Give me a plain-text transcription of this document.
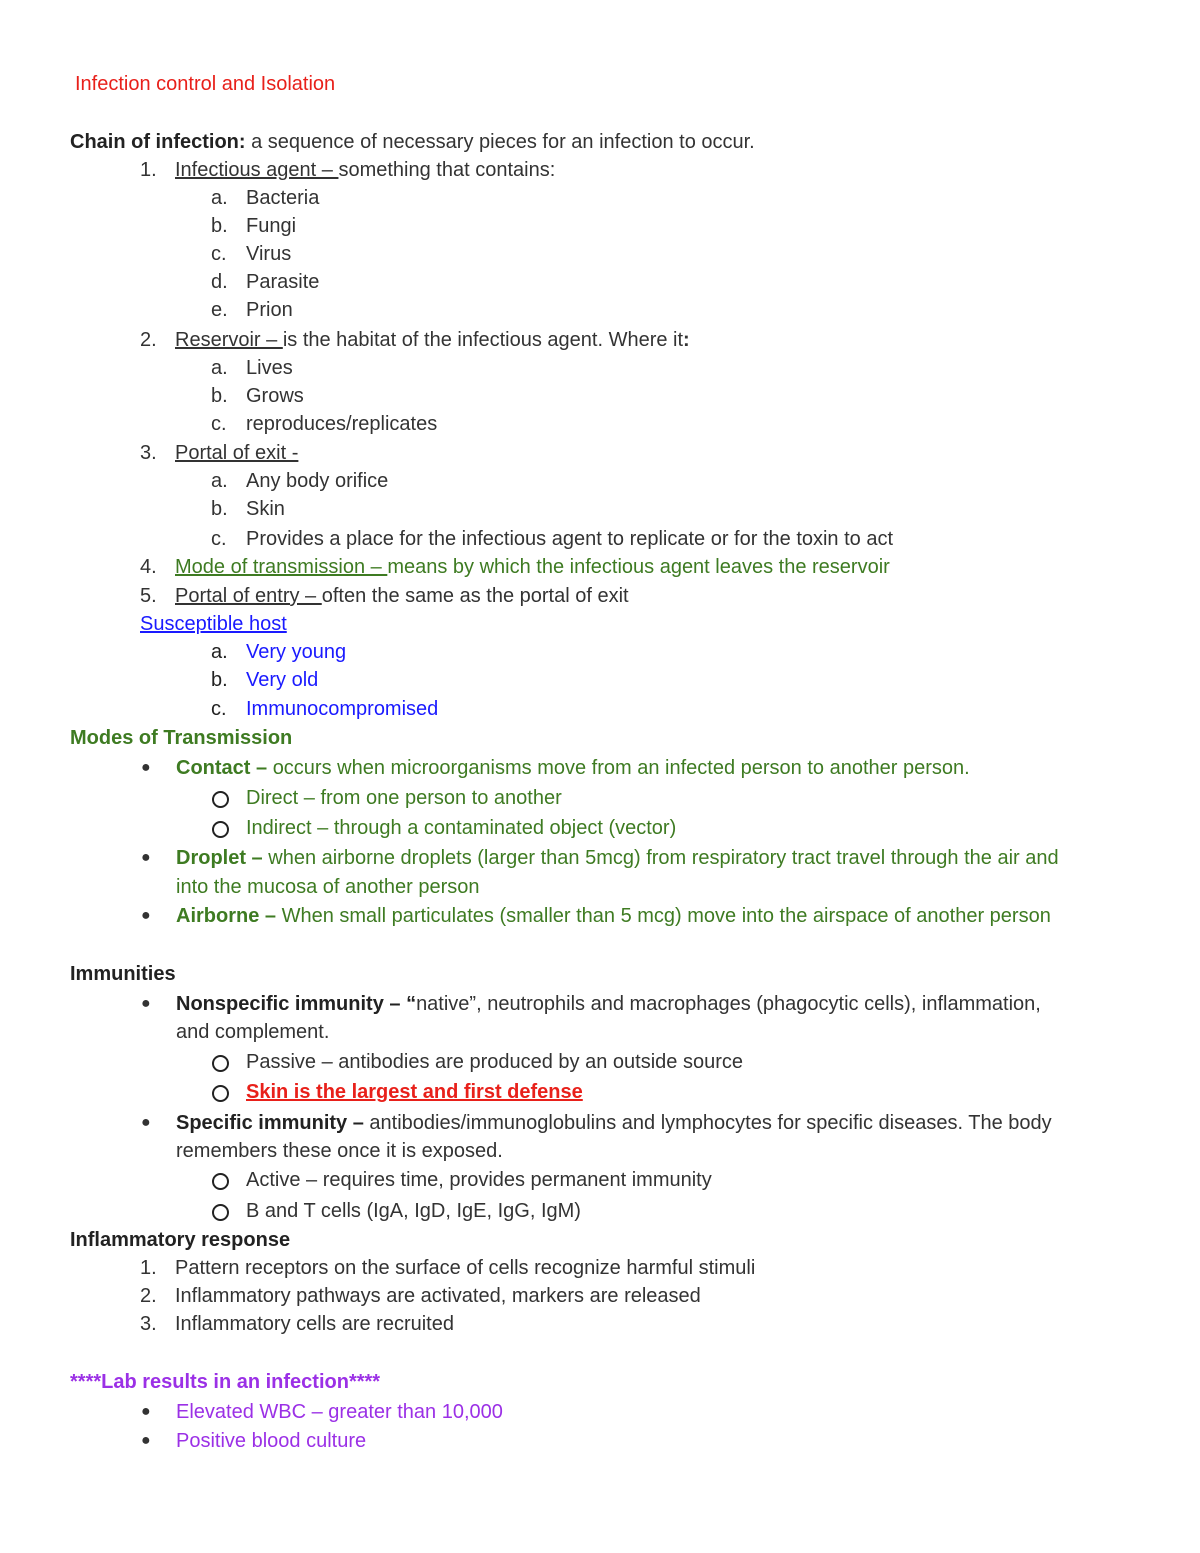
Infection control and Isolation
Chain of infection: a sequence of necessary pieces for an infection to occur.
1. Infectious agent – something that contains:
a. Bacteria
b. Fungi
c. Virus
d. Parasite
e. Prion
2. Reservoir – is the habitat of the infectious agent. Where it:
a. Lives
b. Grows
c. reproduces/replicates
3. Portal of exit -
a. Any body orifice
b. Skin
c. Provides a place for the infectious agent to replicate or for the toxin to act
4. Mode of transmission – means by which the infectious agent leaves the reservoir
5. Portal of entry – often the same as the portal of exit
Susceptible host
a. Very young
b. Very old
c. Immunocompromised
Modes of Transmission
● Contact – occurs when microorganisms move from an infected person to another person.
Direct – from one person to another
Indirect – through a contaminated object (vector)
● Droplet – when airborne droplets (larger than 5mcg) from respiratory tract travel through the air and
into the mucosa of another person
● Airborne – When small particulates (smaller than 5 mcg) move into the airspace of another person
Immunities
● Nonspecific immunity – “native”, neutrophils and macrophages (phagocytic cells), inflammation,
and complement.
Passive – antibodies are produced by an outside source
Skin is the largest and first defense
● Specific immunity – antibodies/immunoglobulins and lymphocytes for specific diseases. The body
remembers these once it is exposed.
Active – requires time, provides permanent immunity
B and T cells (IgA, IgD, IgE, IgG, IgM)
Inflammatory response
1. Pattern receptors on the surface of cells recognize harmful stimuli
2. Inflammatory pathways are activated, markers are released
3. Inflammatory cells are recruited
****Lab results in an infection****
● Elevated WBC – greater than 10,000
● Positive blood culture
